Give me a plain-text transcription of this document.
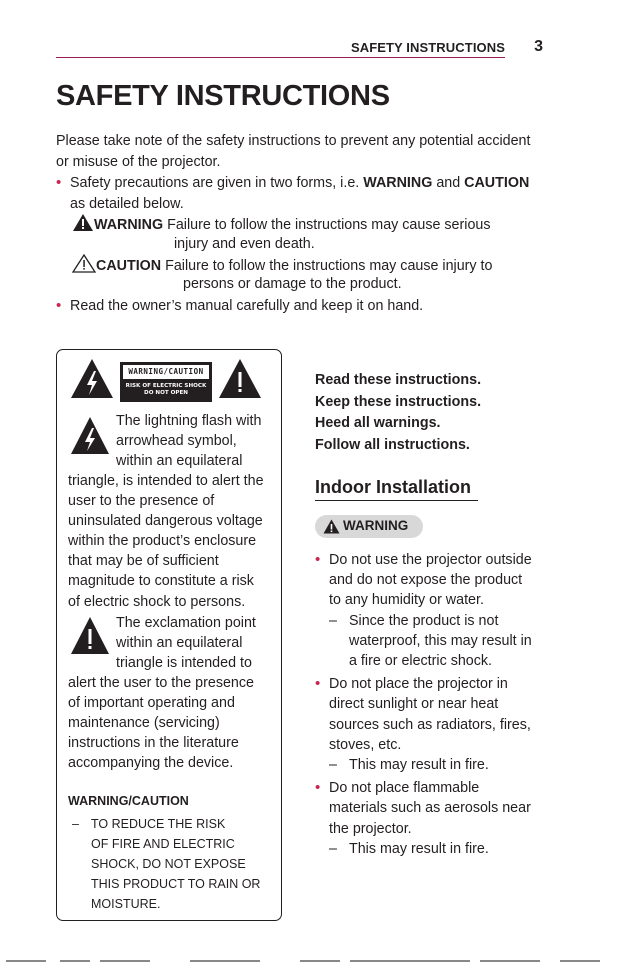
SAFETY INSTRUCTIONS 3
SAFETY INSTRUCTIONS
Please take note of the safety instructions to prevent any potential accident
or misuse of the projector.
• Safety precautions are given in two forms, i.e. WARNING and CAUTION
as detailed below.
WARNING Failure to follow the instructions may cause serious
injury and even death.
CAUTION Failure to follow the instructions may cause injury to
persons or damage to the product.
• Read the owner’s manual carefully and keep it on hand.
WARNING/CAUTION
RISK OF ELECTRIC SHOCK
DO NOT OPEN
The lightning flash with
arrowhead symbol,
within an equilateral
triangle, is intended to alert the
user to the presence of
uninsulated dangerous voltage
within the product’s enclosure
that may be of sufficient
magnitude to constitute a risk
of electric shock to persons.
The exclamation point
within an equilateral
triangle is intended to
alert the user to the presence
of important operating and
maintenance (servicing)
instructions in the literature
accompanying the device.
WARNING/CAUTION
– TO REDUCE THE RISK
OF FIRE AND ELECTRIC
SHOCK, DO NOT EXPOSE
THIS PRODUCT TO RAIN OR
MOISTURE.
Read these instructions.
Keep these instructions.
Heed all warnings.
Follow all instructions.
Indoor Installation
WARNING
• Do not use the projector outside
and do not expose the product
to any humidity or water.
– Since the product is not
waterproof, this may result in
a fire or electric shock.
• Do not place the projector in
direct sunlight or near heat
sources such as radiators, fires,
stoves, etc.
– This may result in fire.
• Do not place flammable
materials such as aerosols near
the projector.
– This may result in fire.
